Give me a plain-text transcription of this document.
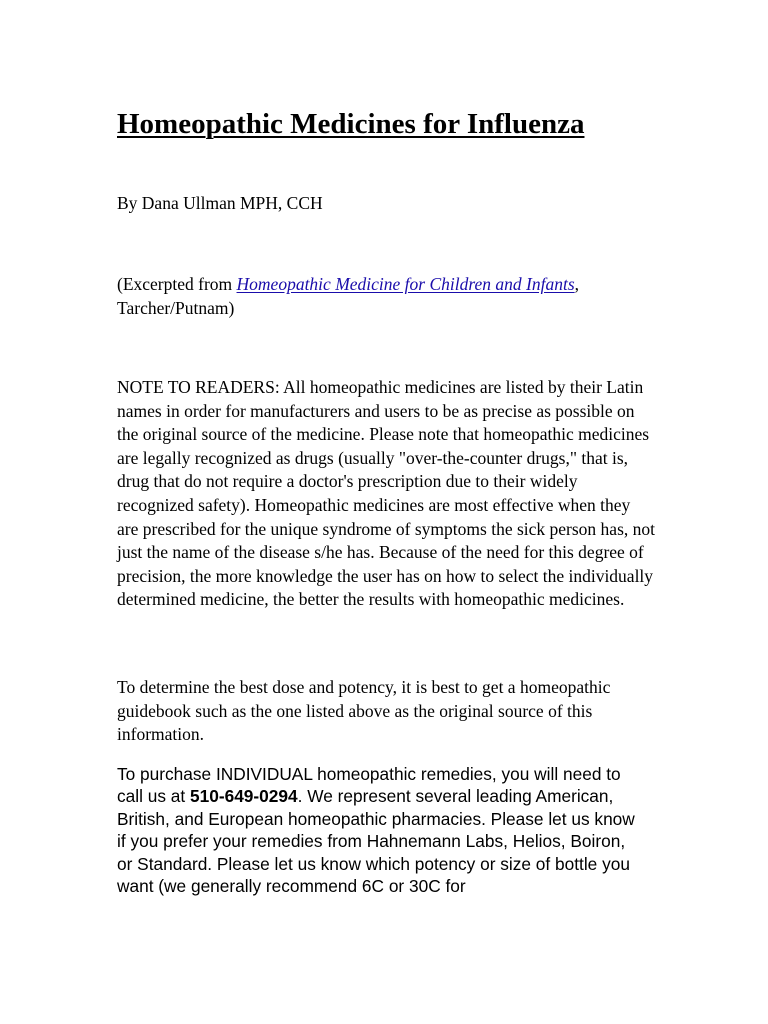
Homeopathic Medicines for Influenza

By Dana Ullman MPH, CCH

(Excerpted from Homeopathic Medicine for Children and Infants, Tarcher/Putnam)

NOTE TO READERS: All homeopathic medicines are listed by their Latin names in order for manufacturers and users to be as precise as possible on the original source of the medicine. Please note that homeopathic medicines are legally recognized as drugs (usually "over-the-counter drugs," that is, drug that do not require a doctor's prescription due to their widely recognized safety). Homeopathic medicines are most effective when they are prescribed for the unique syndrome of symptoms the sick person has, not just the name of the disease s/he has. Because of the need for this degree of precision, the more knowledge the user has on how to select the individually determined medicine, the better the results with homeopathic medicines.

To determine the best dose and potency, it is best to get a homeopathic guidebook such as the one listed above as the original source of this information.

To purchase INDIVIDUAL homeopathic remedies, you will need to call us at 510-649-0294. We represent several leading American, British, and European homeopathic pharmacies. Please let us know if you prefer your remedies from Hahnemann Labs, Helios, Boiron, or Standard. Please let us know which potency or size of bottle you want (we generally recommend 6C or 30C for
